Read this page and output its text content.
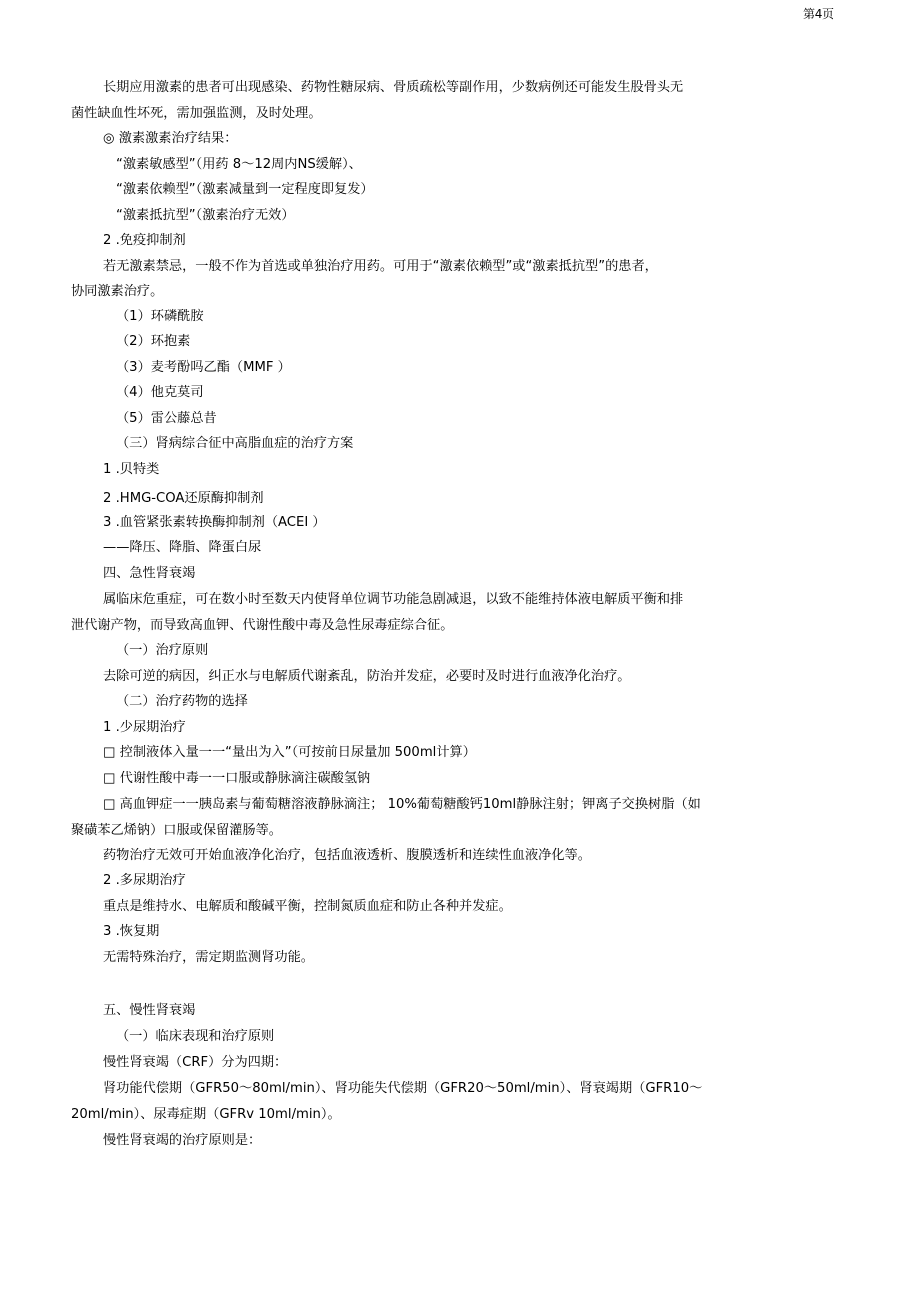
第4页
长期应用激素的患者可出现感染、药物性糖尿病、骨质疏松等副作用，少数病例还可能发生股骨头无
菌性缺血性坏死，需加强监测，及时处理。
◎ 激素激素治疗结果：
“激素敏感型”（用药 8～12周内NS缓解）、
“激素依赖型”（激素减量到一定程度即复发）
“激素抵抗型”（激素治疗无效）
2 .免疫抑制剂
若无激素禁忌，一般不作为首选或单独治疗用药。可用于“激素依赖型”或“激素抵抗型”的患者，
协同激素治疗。
（1）环磷酰胺
（2）环抱素
（3）麦考酚吗乙酯（MMF ）
（4）他克莫司
（5）雷公藤总昔
（三）肾病综合征中高脂血症的治疗方案
1 .贝特类
2 .HMG-COA还原酶抑制剂
3 .血管紧张素转换酶抑制剂（ACEI ）
——降压、降脂、降蛋白尿
四、急性肾衰竭
属临床危重症，可在数小时至数天内使肾单位调节功能急剧减退，以致不能维持体液电解质平衡和排
泄代谢产物，而导致高血钾、代谢性酸中毒及急性尿毒症综合征。
（一）治疗原则
去除可逆的病因，纠正水与电解质代谢紊乱，防治并发症，必要时及时进行血液净化治疗。
（二）治疗药物的选择
1 .少尿期治疗
□ 控制液体入量一一“量出为入”（可按前日尿量加 500ml计算）
□ 代谢性酸中毒一一口服或静脉滴注碳酸氢钠
□ 高血钾症一一胰岛素与葡萄糖溶液静脉滴注； 10%葡萄糖酸钙10ml静脉注射；钾离子交换树脂（如
聚磺苯乙烯钠）口服或保留灌肠等。
药物治疗无效可开始血液净化治疗，包括血液透析、腹膜透析和连续性血液净化等。
2 .多尿期治疗
重点是维持水、电解质和酸碱平衡，控制氮质血症和防止各种并发症。
3 .恢复期
无需特殊治疗，需定期监测肾功能。
五、慢性肾衰竭
（一）临床表现和治疗原则
慢性肾衰竭（CRF）分为四期：
肾功能代偿期（GFR50～80ml/min）、肾功能失代偿期（GFR20～50ml/min）、肾衰竭期（GFR10～
20ml/min）、尿毒症期（GFRv 10ml/min）。
慢性肾衰竭的治疗原则是：
